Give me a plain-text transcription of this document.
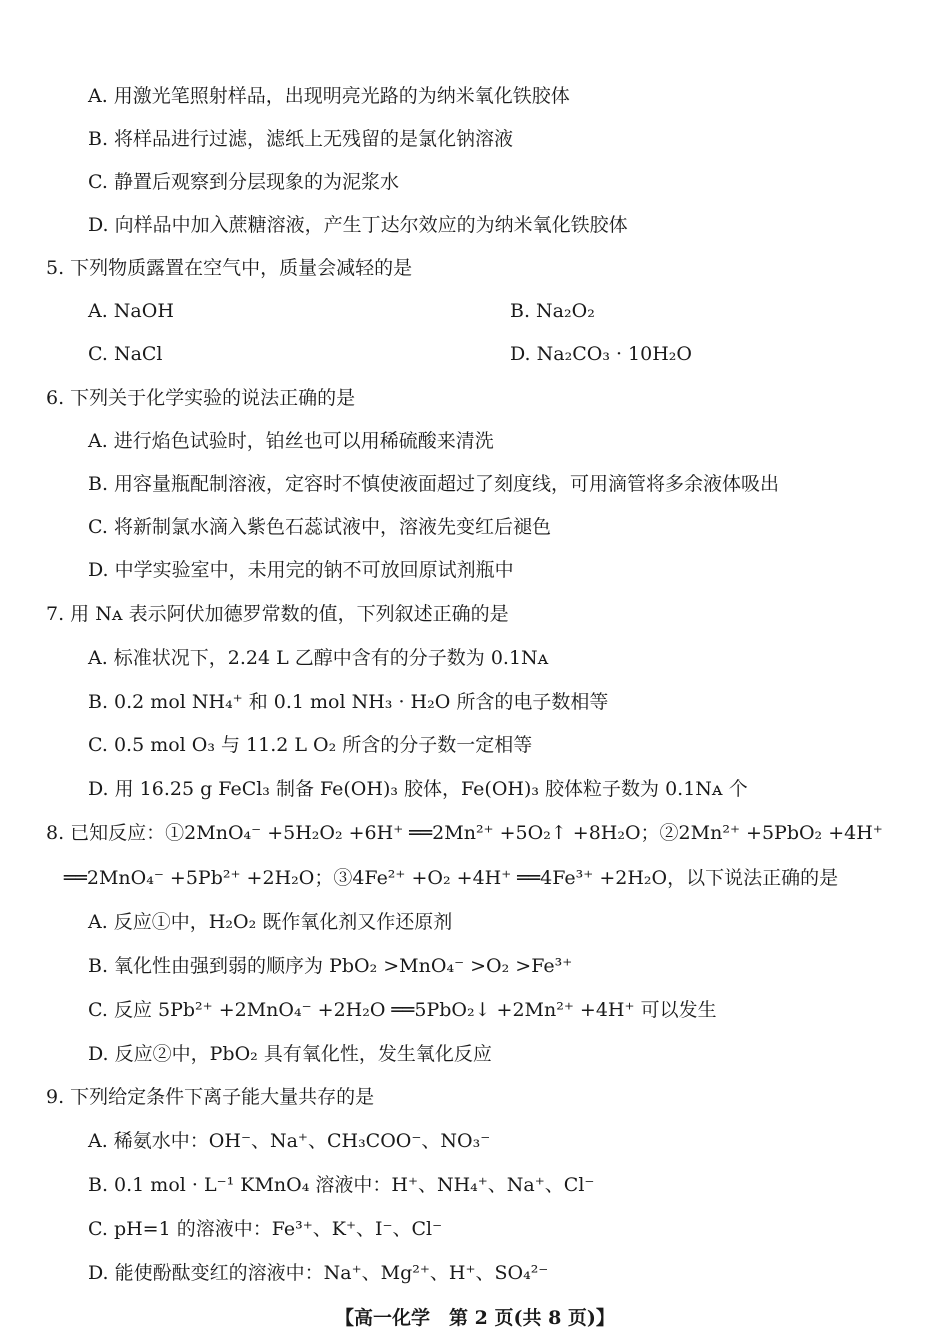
A. 用激光笔照射样品，出现明亮光路的为纳米氧化铁胶体
B. 将样品进行过滤，滤纸上无残留的是氯化钠溶液
C. 静置后观察到分层现象的为泥浆水
D. 向样品中加入蔗糖溶液，产生丁达尔效应的为纳米氧化铁胶体
5. 下列物质露置在空气中，质量会减轻的是
A. NaOH	B. Na₂O₂
C. NaCl	D. Na₂CO₃ · 10H₂O
6. 下列关于化学实验的说法正确的是
A. 进行焰色试验时，铂丝也可以用稀硫酸来清洗
B. 用容量瓶配制溶液，定容时不慎使液面超过了刻度线，可用滴管将多余液体吸出
C. 将新制氯水滴入紫色石蕊试液中，溶液先变红后褪色
D. 中学实验室中，未用完的钠不可放回原试剂瓶中
7. 用 Nᴀ 表示阿伏加德罗常数的值，下列叙述正确的是
A. 标准状况下，2.24 L 乙醇中含有的分子数为 0.1Nᴀ
B. 0.2 mol NH₄⁺ 和 0.1 mol NH₃ · H₂O 所含的电子数相等
C. 0.5 mol O₃ 与 11.2 L O₂ 所含的分子数一定相等
D. 用 16.25 g FeCl₃ 制备 Fe(OH)₃ 胶体，Fe(OH)₃ 胶体粒子数为 0.1Nᴀ 个
8. 已知反应：①2MnO₄⁻ +5H₂O₂ +6H⁺ ══2Mn²⁺ +5O₂↑ +8H₂O；②2Mn²⁺ +5PbO₂ +4H⁺
══2MnO₄⁻ +5Pb²⁺ +2H₂O；③4Fe²⁺ +O₂ +4H⁺ ══4Fe³⁺ +2H₂O，以下说法正确的是
A. 反应①中，H₂O₂ 既作氧化剂又作还原剂
B. 氧化性由强到弱的顺序为 PbO₂ >MnO₄⁻ >O₂ >Fe³⁺
C. 反应 5Pb²⁺ +2MnO₄⁻ +2H₂O ══5PbO₂↓ +2Mn²⁺ +4H⁺ 可以发生
D. 反应②中，PbO₂ 具有氧化性，发生氧化反应
9. 下列给定条件下离子能大量共存的是
A. 稀氨水中：OH⁻、Na⁺、CH₃COO⁻、NO₃⁻
B. 0.1 mol · L⁻¹ KMnO₄ 溶液中：H⁺、NH₄⁺、Na⁺、Cl⁻
C. pH=1 的溶液中：Fe³⁺、K⁺、I⁻、Cl⁻
D. 能使酚酞变红的溶液中：Na⁺、Mg²⁺、H⁺、SO₄²⁻
【高一化学　第 2 页(共 8 页)】
